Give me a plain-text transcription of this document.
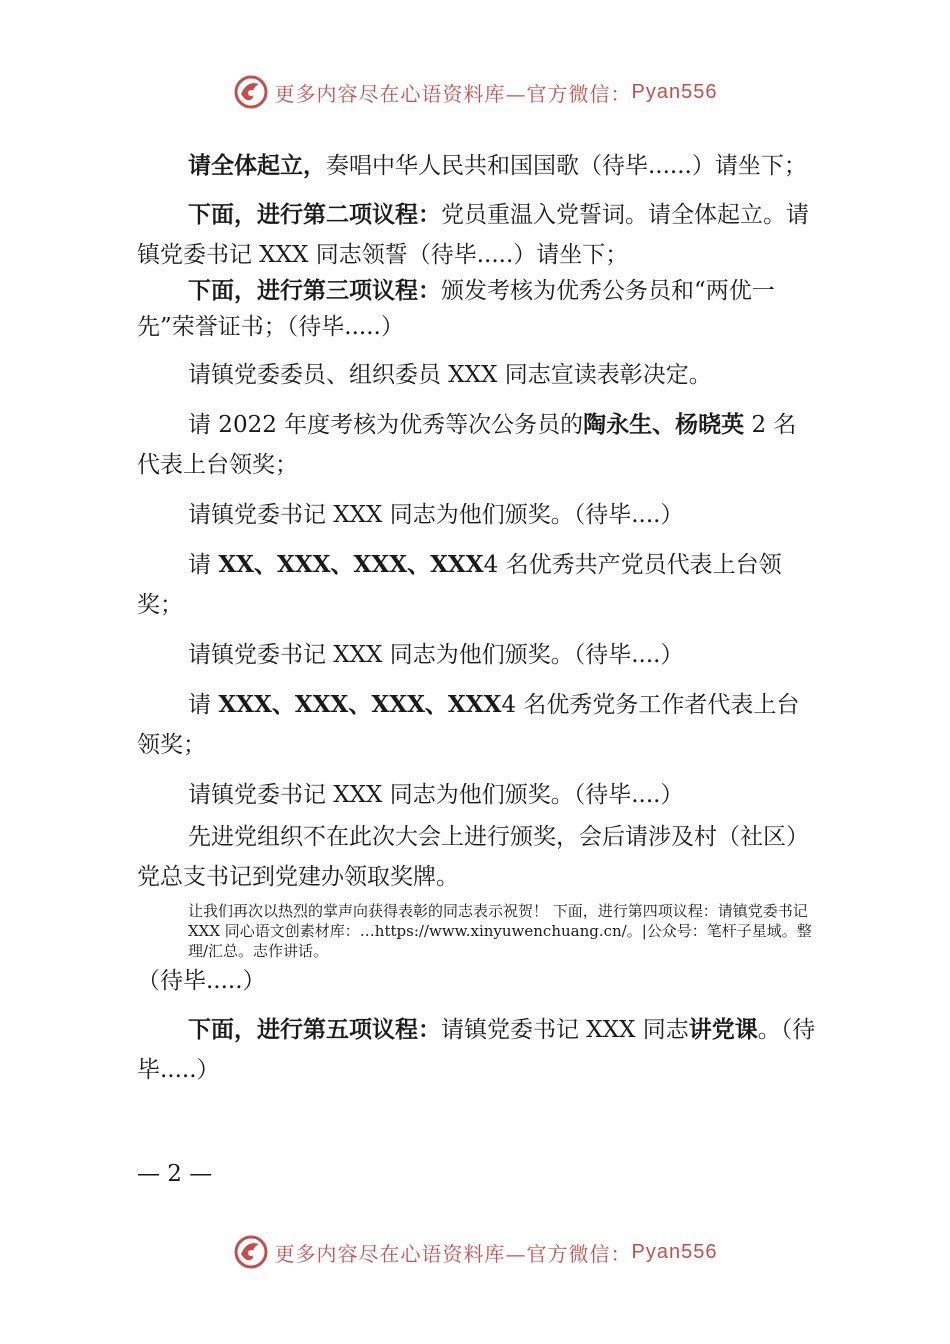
更多内容尽在心语资料库—官方微信： Pyan556

请全体起立，奏唱中华人民共和国国歌（待毕......）请坐下；

下面，进行第二项议程：党员重温入党誓词。请全体起立。请镇党委书记 XXX 同志领誓（待毕.....）请坐下；

下面，进行第三项议程：颁发考核为优秀公务员和“两优一先”荣誉证书；（待毕.....）

请镇党委委员、组织委员 XXX 同志宣读表彰决定。

请 2022 年度考核为优秀等次公务员的陶永生、杨晓英 2 名代表上台领奖；

请镇党委书记 XXX 同志为他们颁奖。（待毕....）

请 XX、XXX、XXX、XXX4 名优秀共产党员代表上台领奖；

请镇党委书记 XXX 同志为他们颁奖。（待毕....）

请 XXX、XXX、XXX、XXX4 名优秀党务工作者代表上台领奖；

请镇党委书记 XXX 同志为他们颁奖。（待毕....）

先进党组织不在此次大会上进行颁奖，会后请涉及村（社区）党总支书记到党建办领取奖牌。

让我们再次以热烈的掌声向获得表彰的同志表示祝贺！ 下面，进行第四项议程：请镇党委书记 XXX 同心语文创素材库：…https://www.xinyuwenchuang.cn/。|公众号：笔杆子星域。整理/汇总。志作讲话。

（待毕.....）

下面，进行第五项议程：请镇党委书记 XXX 同志讲党课。（待毕.....）

— 2 —
更多内容尽在心语资料库—官方微信： Pyan556
